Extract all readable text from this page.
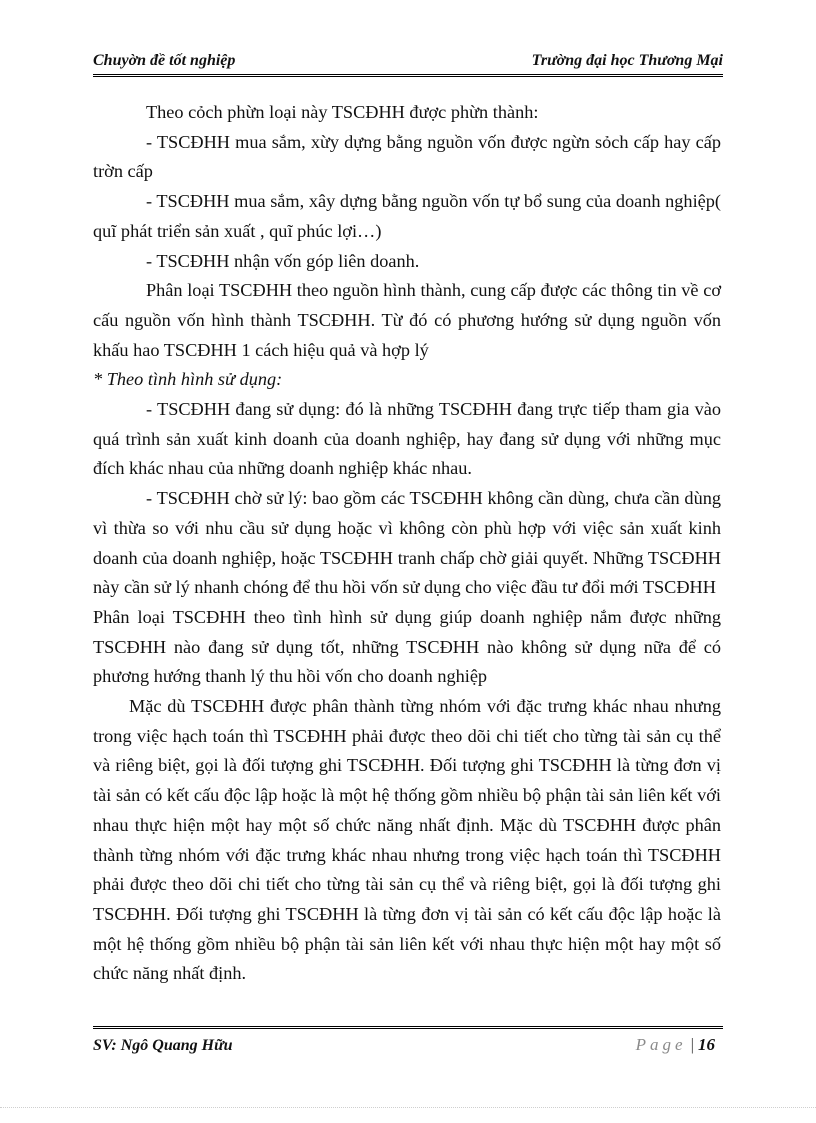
Chuyờn đề tốt nghiệp	Trường đại học Thương Mại

Theo cỏch phừn loại này TSCĐHH được phừn thành:

- TSCĐHH mua sắm, xừy dựng bằng nguồn vốn được ngừn sỏch cấp hay cấp trờn cấp

- TSCĐHH mua sắm, xây dựng bằng nguồn vốn tự bổ sung của doanh nghiệp( quĩ phát triển sản xuất , quĩ phúc lợi…)

- TSCĐHH nhận vốn góp liên doanh.

Phân loại TSCĐHH theo nguồn hình thành, cung cấp được các thông tin về cơ cấu nguồn vốn hình thành TSCĐHH. Từ đó có phương hướng sử dụng nguồn vốn khấu hao TSCĐHH 1 cách hiệu quả và hợp lý

* Theo tình hình sử dụng:

- TSCĐHH đang sử dụng: đó là những TSCĐHH đang trực tiếp tham gia vào quá trình sản xuất kinh doanh của doanh nghiệp, hay đang sử dụng với những mục đích khác nhau của những doanh nghiệp khác nhau.

- TSCĐHH chờ sử lý: bao gồm các TSCĐHH không cần dùng, chưa cần dùng vì thừa so với nhu cầu sử dụng hoặc vì không còn phù hợp với việc sản xuất kinh doanh của doanh nghiệp, hoặc TSCĐHH tranh chấp chờ giải quyết. Những TSCĐHH này cần sử lý nhanh chóng để thu hồi vốn sử dụng cho việc đầu tư đổi mới TSCĐHH

Phân loại TSCĐHH theo tình hình sử dụng giúp doanh nghiệp nắm được những TSCĐHH nào đang sử dụng tốt, những TSCĐHH nào không sử dụng nữa để có phương hướng thanh lý thu hồi vốn cho doanh nghiệp

Mặc dù TSCĐHH được phân thành từng nhóm với đặc trưng khác nhau nhưng trong việc hạch toán thì TSCĐHH phải được theo dõi chi tiết cho từng tài sản cụ thể và riêng biệt, gọi là đối tượng ghi TSCĐHH. Đối tượng ghi TSCĐHH là từng đơn vị tài sản có kết cấu độc lập hoặc là một hệ thống gồm nhiều bộ phận tài sản liên kết với nhau thực hiện một hay một số chức năng nhất định. Mặc dù TSCĐHH được phân thành từng nhóm với đặc trưng khác nhau nhưng trong việc hạch toán thì TSCĐHH phải được theo dõi chi tiết cho từng tài sản cụ thể và riêng biệt, gọi là đối tượng ghi TSCĐHH. Đối tượng ghi TSCĐHH là từng đơn vị tài sản có kết cấu độc lập hoặc là một hệ thống gồm nhiều bộ phận tài sản liên kết với nhau thực hiện một hay một số chức năng nhất định.

SV: Ngô Quang Hữu	Page | 16
